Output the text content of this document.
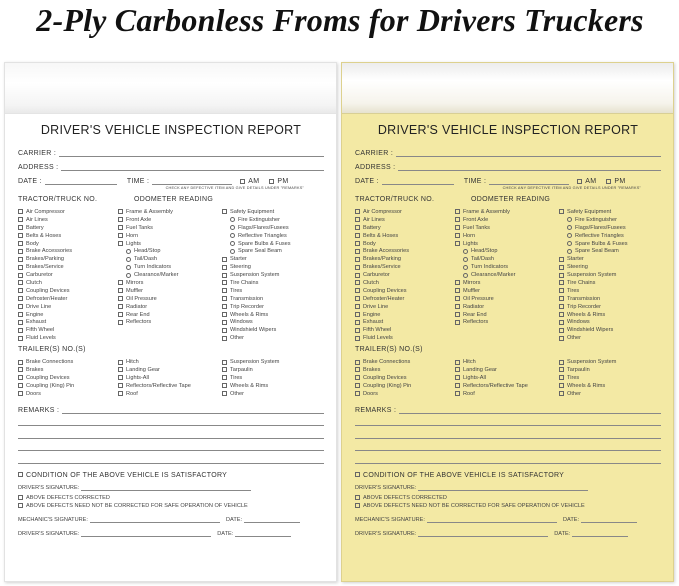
2-Ply Carbonless Froms for Drivers Truckers
DRIVER'S VEHICLE INSPECTION REPORT
CARRIER :
ADDRESS :
DATE :	TIME :	AM	PM
CHECK ANY DEFECTIVE ITEM AND GIVE DETAILS UNDER "REMARKS"
TRACTOR/TRUCK NO.	ODOMETER READING
Air Compressor
Air Lines
Battery
Belts & Hoses
Body
Brake Accessories
Brakes/Parking
Brakes/Service
Carburetor
Clutch
Coupling Devices
Defroster/Heater
Drive Line
Engine
Exhaust
Fifth Wheel
Fluid Levels
Frame & Assembly
Front Axle
Fuel Tanks
Horn
Lights
Head/Stop
Tail/Dash
Turn Indicators
Clearance/Marker
Mirrors
Muffler
Oil Pressure
Radiator
Rear End
Reflectors
Safety Equipment
Fire Extinguisher
Flags/Flares/Fusees
Reflective Triangles
Spare Bulbs & Fuses
Spare Seal Beam
Starter
Steering
Suspension System
Tire Chains
Tires
Transmission
Trip Recorder
Wheels & Rims
Windows
Windshield Wipers
Other
TRAILER(S) NO.(S)
Brake Connections
Brakes
Coupling Devices
Coupling (King) Pin
Doors
Hitch
Landing Gear
Lights-All
Reflectors/Reflective Tape
Roof
Suspension System
Tarpaulin
Tires
Wheels & Rims
Other
REMARKS :
CONDITION OF THE ABOVE VEHICLE IS SATISFACTORY
DRIVER'S SIGNATURE:
ABOVE DEFECTS CORRECTED
ABOVE DEFECTS NEED NOT BE CORRECTED FOR SAFE OPERATION OF VEHICLE
MECHANIC'S SIGNATURE:	DATE:
DRIVER'S SIGNATURE:	DATE:
DRIVER'S VEHICLE INSPECTION REPORT
CARRIER :
ADDRESS :
DATE :	TIME :	AM	PM
CHECK ANY DEFECTIVE ITEM AND GIVE DETAILS UNDER "REMARKS"
TRACTOR/TRUCK NO.	ODOMETER READING
Air Compressor
Air Lines
Battery
Belts & Hoses
Body
Brake Accessories
Brakes/Parking
Brakes/Service
Carburetor
Clutch
Coupling Devices
Defroster/Heater
Drive Line
Engine
Exhaust
Fifth Wheel
Fluid Levels
Frame & Assembly
Front Axle
Fuel Tanks
Horn
Lights
Head/Stop
Tail/Dash
Turn Indicators
Clearance/Marker
Mirrors
Muffler
Oil Pressure
Radiator
Rear End
Reflectors
Safety Equipment
Fire Extinguisher
Flags/Flares/Fusees
Reflective Triangles
Spare Bulbs & Fuses
Spare Seal Beam
Starter
Steering
Suspension System
Tire Chains
Tires
Transmission
Trip Recorder
Wheels & Rims
Windows
Windshield Wipers
Other
TRAILER(S) NO.(S)
Brake Connections
Brakes
Coupling Devices
Coupling (King) Pin
Doors
Hitch
Landing Gear
Lights-All
Reflectors/Reflective Tape
Roof
Suspension System
Tarpaulin
Tires
Wheels & Rims
Other
REMARKS :
CONDITION OF THE ABOVE VEHICLE IS SATISFACTORY
DRIVER'S SIGNATURE:
ABOVE DEFECTS CORRECTED
ABOVE DEFECTS NEED NOT BE CORRECTED FOR SAFE OPERATION OF VEHICLE
MECHANIC'S SIGNATURE:	DATE:
DRIVER'S SIGNATURE:	DATE:
